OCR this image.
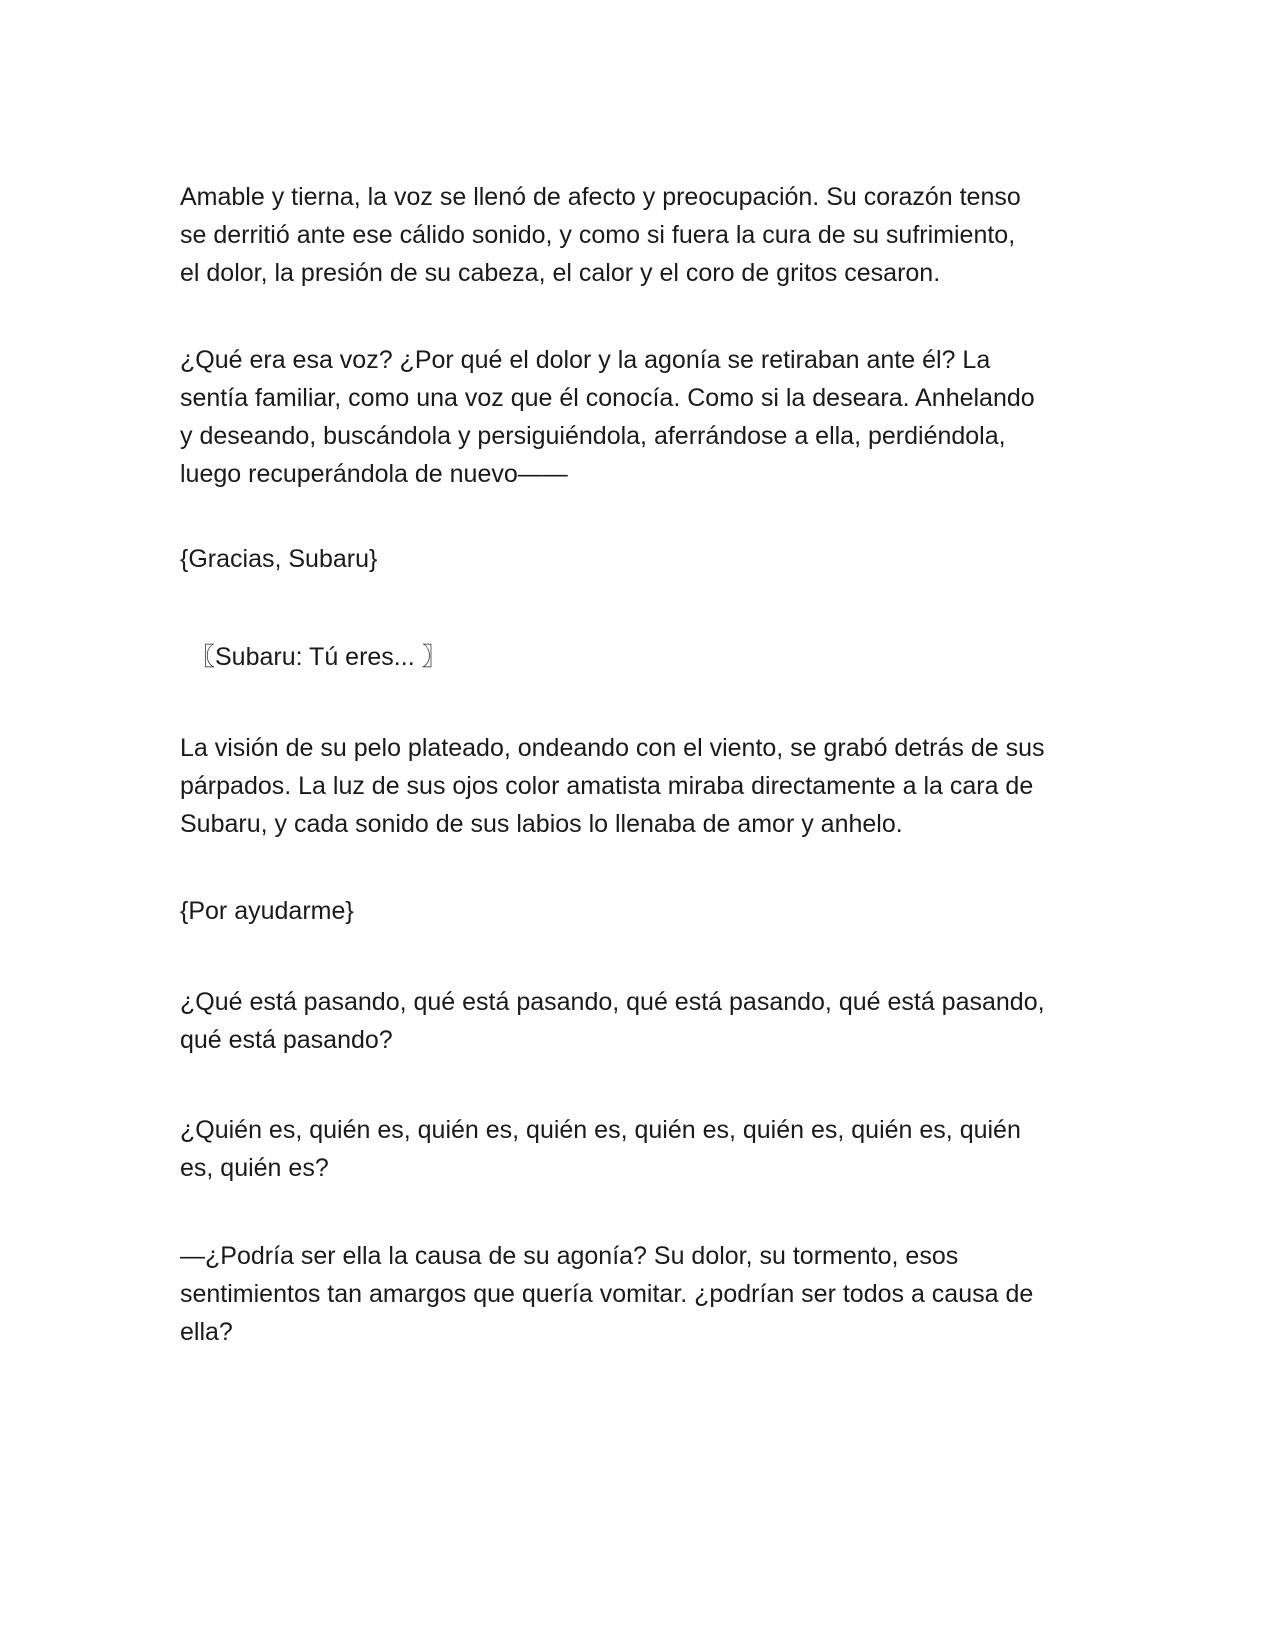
Amable y tierna, la voz se llenó de afecto y preocupación. Su corazón tenso
se derritió ante ese cálido sonido, y como si fuera la cura de su sufrimiento,
el dolor, la presión de su cabeza, el calor y el coro de gritos cesaron.

¿Qué era esa voz? ¿Por qué el dolor y la agonía se retiraban ante él? La
sentía familiar, como una voz que él conocía. Como si la deseara. Anhelando
y deseando, buscándola y persiguiéndola, aferrándose a ella, perdiéndola,
luego recuperándola de nuevo——

{Gracias, Subaru}

〖Subaru: Tú eres... 〗

La visión de su pelo plateado, ondeando con el viento, se grabó detrás de sus
párpados. La luz de sus ojos color amatista miraba directamente a la cara de
Subaru, y cada sonido de sus labios lo llenaba de amor y anhelo.

{Por ayudarme}

¿Qué está pasando, qué está pasando, qué está pasando, qué está pasando,
qué está pasando?

¿Quién es, quién es, quién es, quién es, quién es, quién es, quién es, quién
es, quién es?

—¿Podría ser ella la causa de su agonía? Su dolor, su tormento, esos
sentimientos tan amargos que quería vomitar. ¿podrían ser todos a causa de
ella?
